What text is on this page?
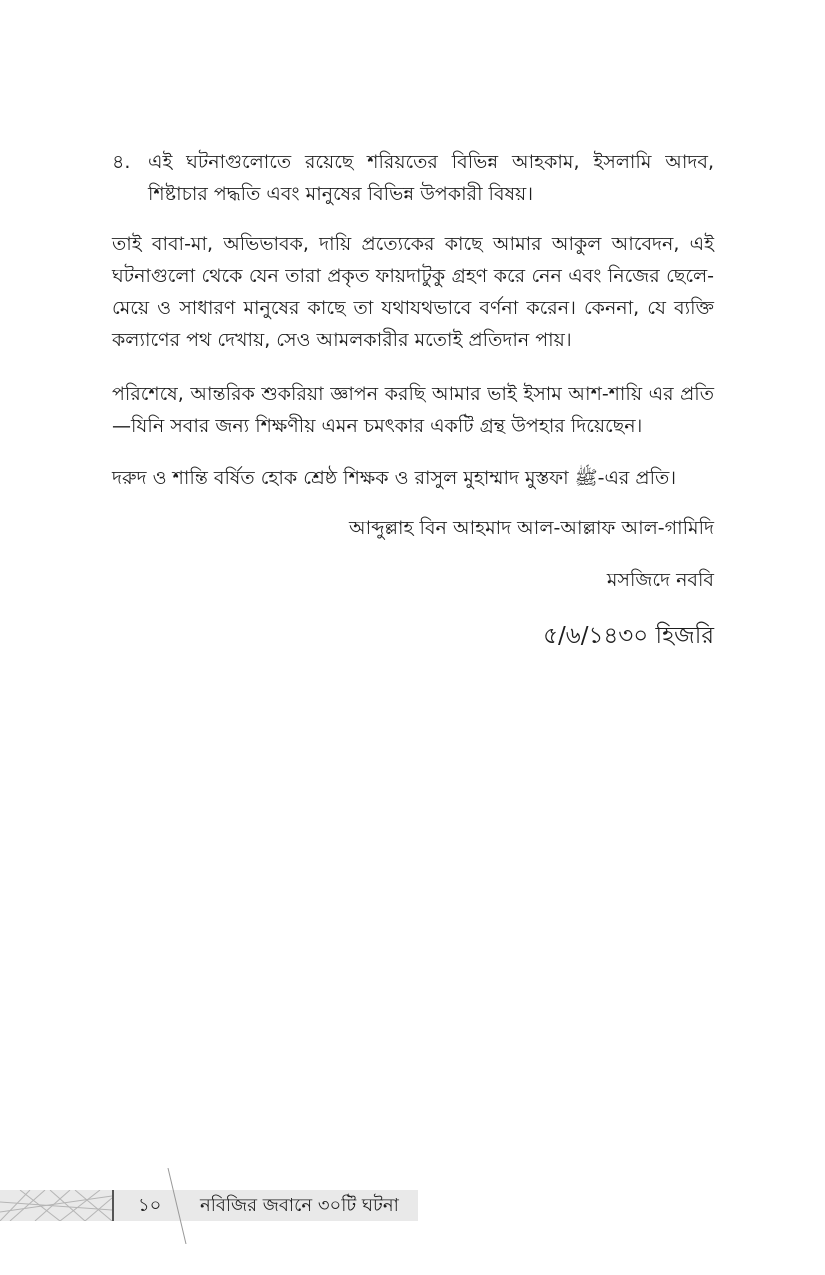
৪. এই ঘটনাগুলোতে রয়েছে শরিয়তের বিভিন্ন আহকাম, ইসলামি আদব, শিষ্টাচার পদ্ধতি এবং মানুষের বিভিন্ন উপকারী বিষয়।
তাই বাবা-মা, অভিভাবক, দায়ি প্রত্যেকের কাছে আমার আকুল আবেদন, এই ঘটনাগুলো থেকে যেন তারা প্রকৃত ফায়দাটুকু গ্রহণ করে নেন এবং নিজের ছেলে-মেয়ে ও সাধারণ মানুষের কাছে তা যথাযথভাবে বর্ণনা করেন। কেননা, যে ব্যক্তি কল্যাণের পথ দেখায়, সেও আমলকারীর মতোই প্রতিদান পায়।
পরিশেষে, আন্তরিক শুকরিয়া জ্ঞাপন করছি আমার ভাই ইসাম আশ-শায়ি এর প্রতি—যিনি সবার জন্য শিক্ষণীয় এমন চমৎকার একটি গ্রন্থ উপহার দিয়েছেন।
দরুদ ও শান্তি বর্ষিত হোক শ্রেষ্ঠ শিক্ষক ও রাসুল মুহাম্মাদ মুস্তফা ﷺ-এর প্রতি।
আব্দুল্লাহ বিন আহমাদ আল-আল্লাফ আল-গামিদি
মসজিদে নববি
৫/৬/১৪৩০ হিজরি
১০ নবিজির জবানে ৩০টি ঘটনা
